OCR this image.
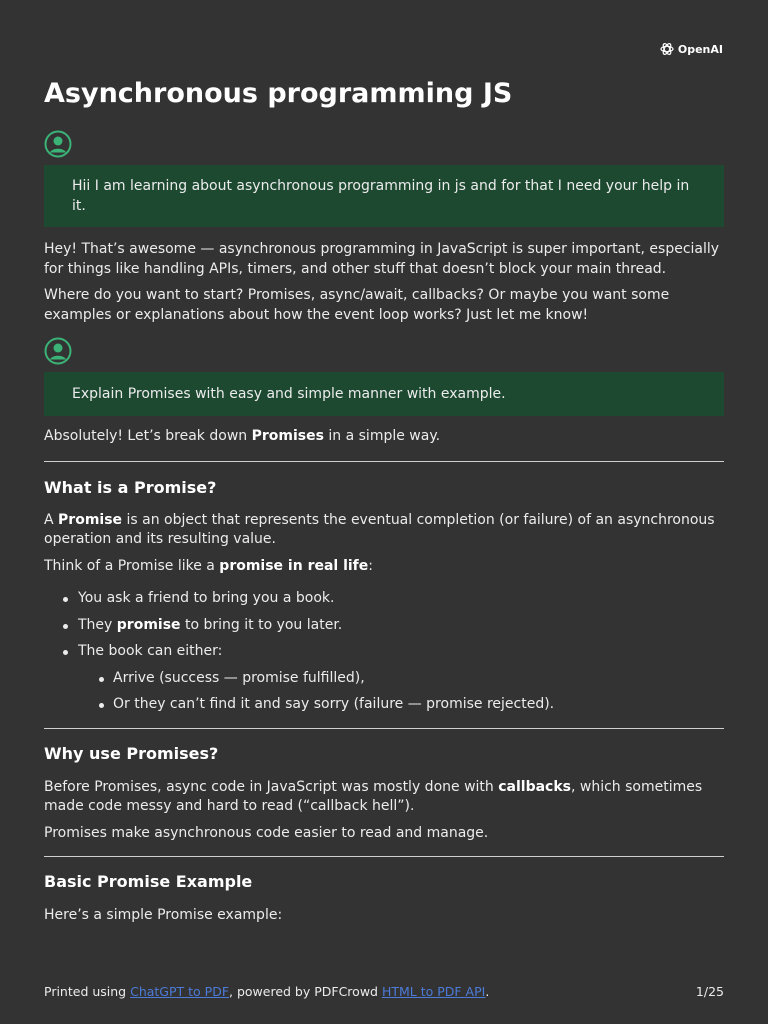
OpenAI
Asynchronous programming JS
Hii I am learning about asynchronous programming in js and for that I need your help in it.

Hey! That’s awesome — asynchronous programming in JavaScript is super important, especially for things like handling APIs, timers, and other stuff that doesn’t block your main thread.

Where do you want to start? Promises, async/await, callbacks? Or maybe you want some examples or explanations about how the event loop works? Just let me know!

Explain Promises with easy and simple manner with example.

Absolutely! Let’s break down Promises in a simple way.

What is a Promise?

A Promise is an object that represents the eventual completion (or failure) of an asynchronous operation and its resulting value.

Think of a Promise like a promise in real life:

You ask a friend to bring you a book.
They promise to bring it to you later.
The book can either:
Arrive (success — promise fulfilled),
Or they can’t find it and say sorry (failure — promise rejected).
Why use Promises?

Before Promises, async code in JavaScript was mostly done with callbacks, which sometimes made code messy and hard to read (“callback hell”).

Promises make asynchronous code easier to read and manage.

Basic Promise Example

Here’s a simple Promise example:

Printed using ChatGPT to PDF, powered by PDFCrowd HTML to PDF API.	1/25
